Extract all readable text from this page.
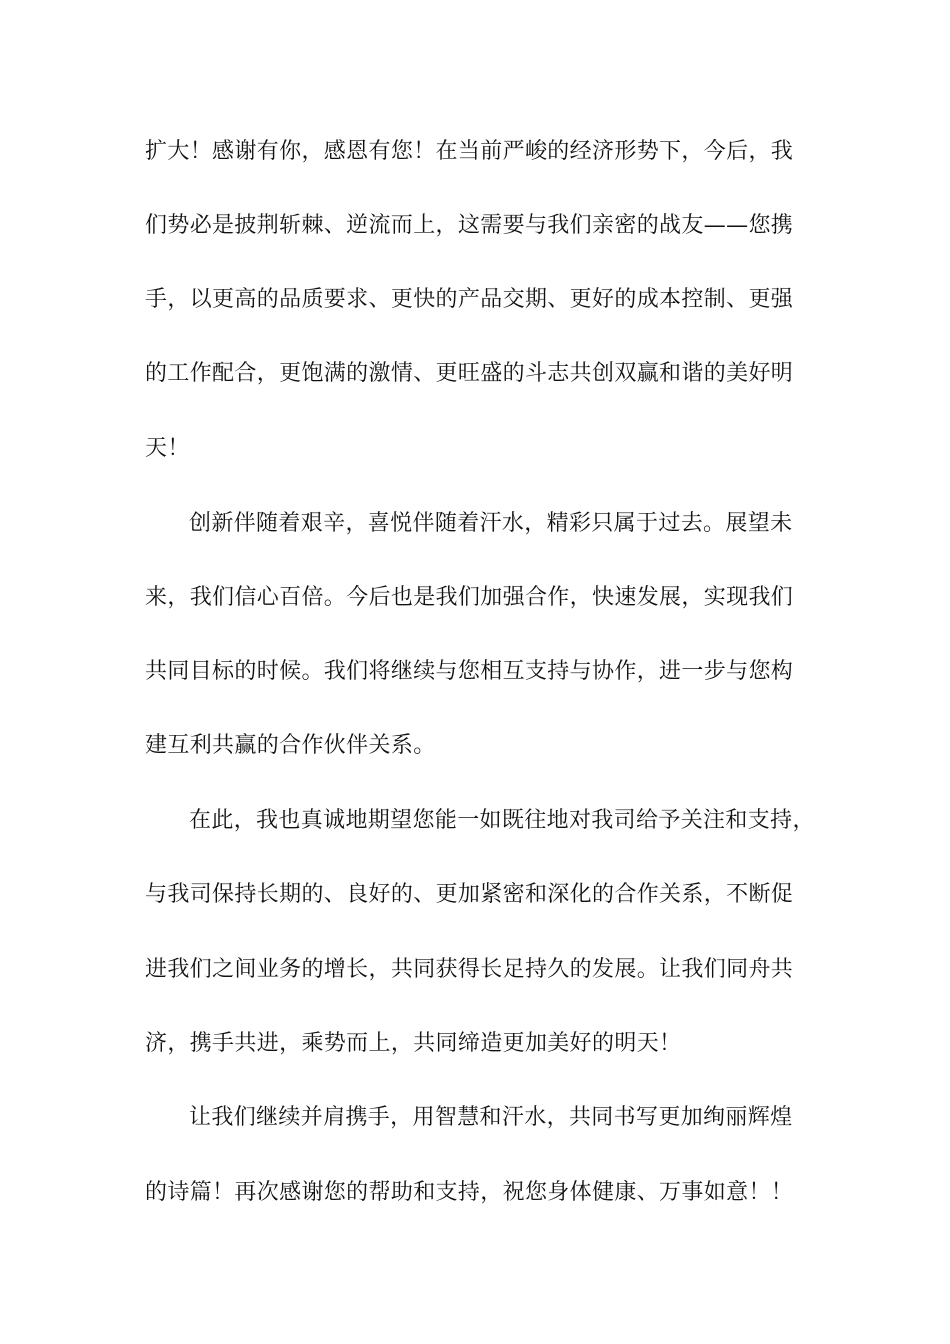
扩大！感谢有你，感恩有您！在当前严峻的经济形势下，今后，我
们势必是披荆斩棘、逆流而上，这需要与我们亲密的战友——您携
手，以更高的品质要求、更快的产品交期、更好的成本控制、更强
的工作配合，更饱满的激情、更旺盛的斗志共创双赢和谐的美好明
天！
创新伴随着艰辛，喜悦伴随着汗水，精彩只属于过去。展望未
来，我们信心百倍。今后也是我们加强合作，快速发展，实现我们
共同目标的时候。我们将继续与您相互支持与协作，进一步与您构
建互利共赢的合作伙伴关系。
在此，我也真诚地期望您能一如既往地对我司给予关注和支持，
与我司保持长期的、良好的、更加紧密和深化的合作关系，不断促
进我们之间业务的增长，共同获得长足持久的发展。让我们同舟共
济，携手共进，乘势而上，共同缔造更加美好的明天！
让我们继续并肩携手，用智慧和汗水，共同书写更加绚丽辉煌
的诗篇！再次感谢您的帮助和支持，祝您身体健康、万事如意！！
